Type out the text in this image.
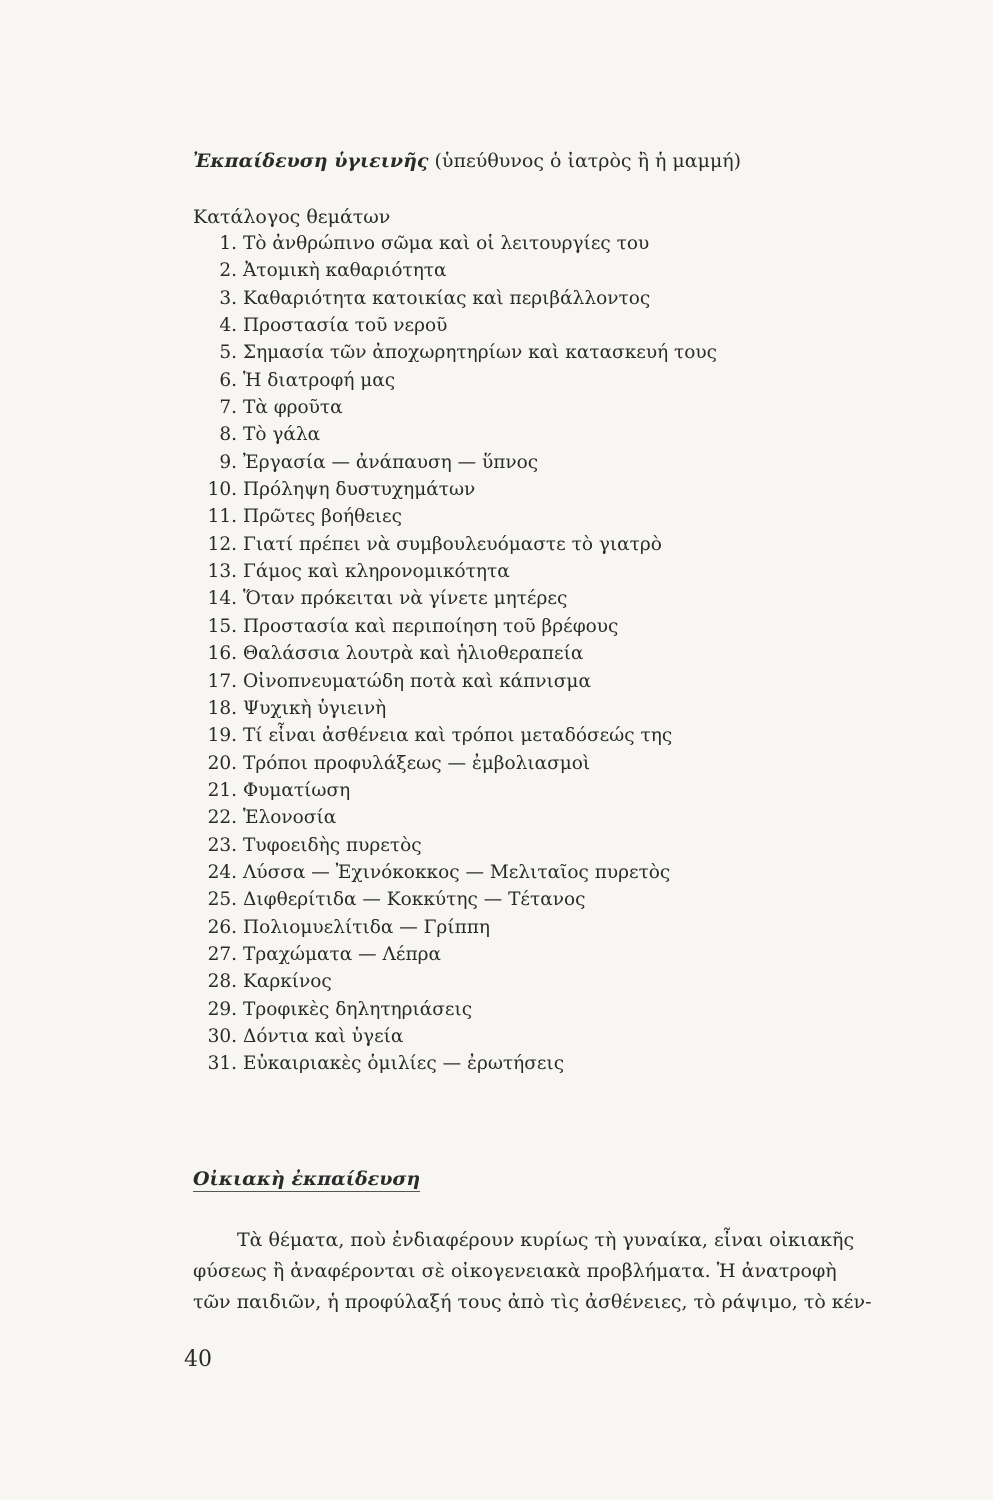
Ἐκπαίδευση ὑγιεινῆς (ὑπεύθυνος ὁ ἰατρὸς ἢ ἡ μαμμή)
Κατάλογος θεμάτων
1. Τὸ ἀνθρώπινο σῶμα καὶ οἱ λειτουργίες του
2. Ἀτομικὴ καθαριότητα
3. Καθαριότητα κατοικίας καὶ περιβάλλοντος
4. Προστασία τοῦ νεροῦ
5. Σημασία τῶν ἀποχωρητηρίων καὶ κατασκευή τους
6. Ἡ διατροφή μας
7. Τὰ φροῦτα
8. Τὸ γάλα
9. Ἐργασία — ἀνάπαυση — ὕπνος
10. Πρόληψη δυστυχημάτων
11. Πρῶτες βοήθειες
12. Γιατί πρέπει νὰ συμβουλευόμαστε τὸ γιατρὸ
13. Γάμος καὶ κληρονομικότητα
14. Ὅταν πρόκειται νὰ γίνετε μητέρες
15. Προστασία καὶ περιποίηση τοῦ βρέφους
16. Θαλάσσια λουτρὰ καὶ ἡλιοθεραπεία
17. Οἰνοπνευματώδη ποτὰ καὶ κάπνισμα
18. Ψυχικὴ ὑγιεινὴ
19. Τί εἶναι ἀσθένεια καὶ τρόποι μεταδόσεώς της
20. Τρόποι προφυλάξεως — ἐμβολιασμοὶ
21. Φυματίωση
22. Ἑλονοσία
23. Τυφοειδὴς πυρετὸς
24. Λύσσα — Ἐχινόκοκκος — Μελιταῖος πυρετὸς
25. Διφθερίτιδα — Κοκκύτης — Τέτανος
26. Πολιομυελίτιδα — Γρίππη
27. Τραχώματα — Λέπρα
28. Καρκίνος
29. Τροφικὲς δηλητηριάσεις
30. Δόντια καὶ ὑγεία
31. Εὐκαιριακὲς ὁμιλίες — ἐρωτήσεις
Οἰκιακὴ ἐκπαίδευση

Τὰ θέματα, ποὺ ἐνδιαφέρουν κυρίως τὴ γυναίκα, εἶναι οἰκιακῆς
φύσεως ἢ ἀναφέρονται σὲ οἰκογενειακὰ προβλήματα. Ἡ ἀνατροφὴ
τῶν παιδιῶν, ἡ προφύλαξή τους ἀπὸ τὶς ἀσθένειες, τὸ ράψιμο, τὸ κέν-

40
